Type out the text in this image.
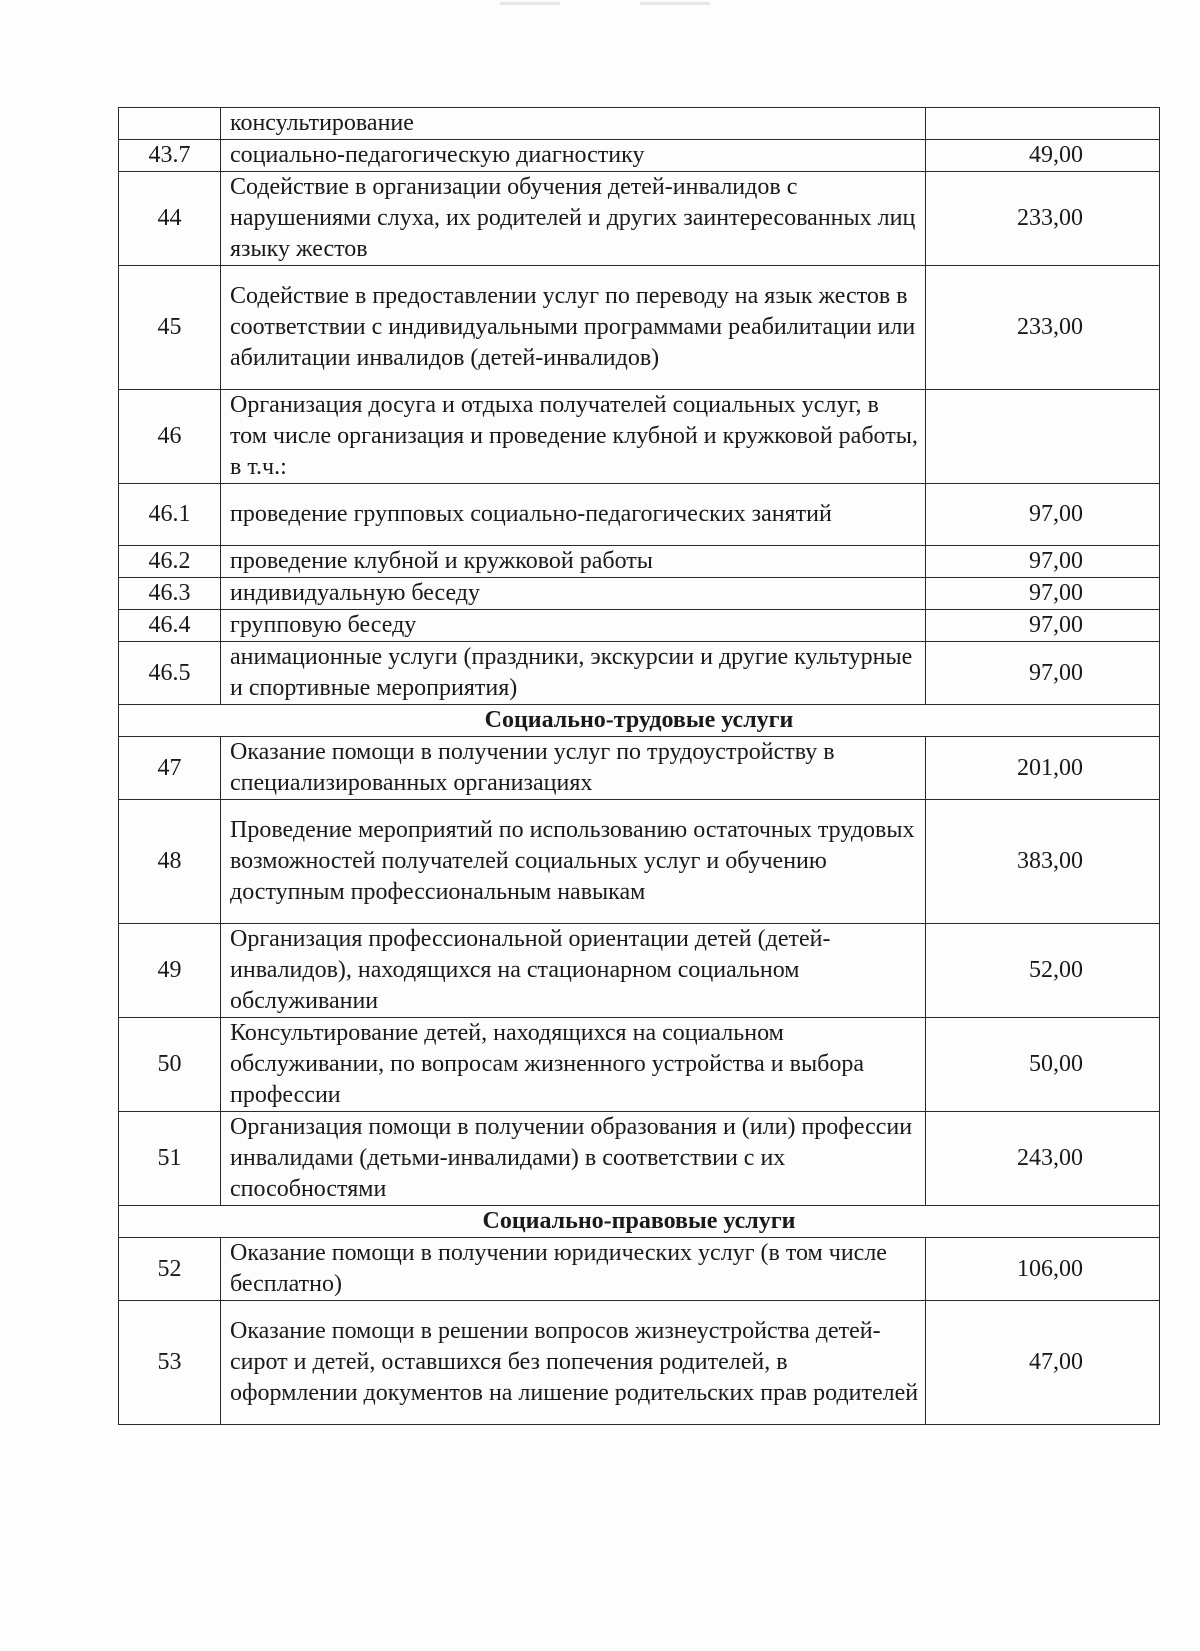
	консультирование	
43.7	социально-педагогическую диагностику	49,00
44	Содействие в организации обучения детей-инвалидов с нарушениями слуха, их родителей и других заинтересованных лиц языку жестов	233,00
45	Содействие в предоставлении услуг по переводу на язык жестов в соответствии с индивидуальными программами реабилитации или абилитации инвалидов (детей-инвалидов)	233,00
46	Организация досуга и отдыха получателей социальных услуг, в том числе организация и проведение клубной и кружковой работы, в т.ч.:	
46.1	проведение групповых социально-педагогических занятий	97,00
46.2	проведение клубной и кружковой работы	97,00
46.3	индивидуальную беседу	97,00
46.4	групповую беседу	97,00
46.5	анимационные услуги (праздники, экскурсии и другие культурные и спортивные мероприятия)	97,00
Социально-трудовые услуги		
47	Оказание помощи в получении услуг по трудоустройству в специализированных организациях	201,00
48	Проведение мероприятий по использованию остаточных трудовых возможностей получателей социальных услуг и обучению доступным профессиональным навыкам	383,00
49	Организация профессиональной ориентации детей (детей-инвалидов), находящихся на стационарном социальном обслуживании	52,00
50	Консультирование детей, находящихся на социальном обслуживании, по вопросам жизненного устройства и выбора профессии	50,00
51	Организация помощи в получении образования и (или) профессии инвалидами (детьми-инвалидами) в соответствии с их способностями	243,00
Социально-правовые услуги		
52	Оказание помощи в получении юридических услуг (в том числе бесплатно)	106,00
53	Оказание помощи в решении вопросов жизнеустройства детей-сирот и детей, оставшихся без попечения родителей, в оформлении документов на лишение родительских прав родителей	47,00
